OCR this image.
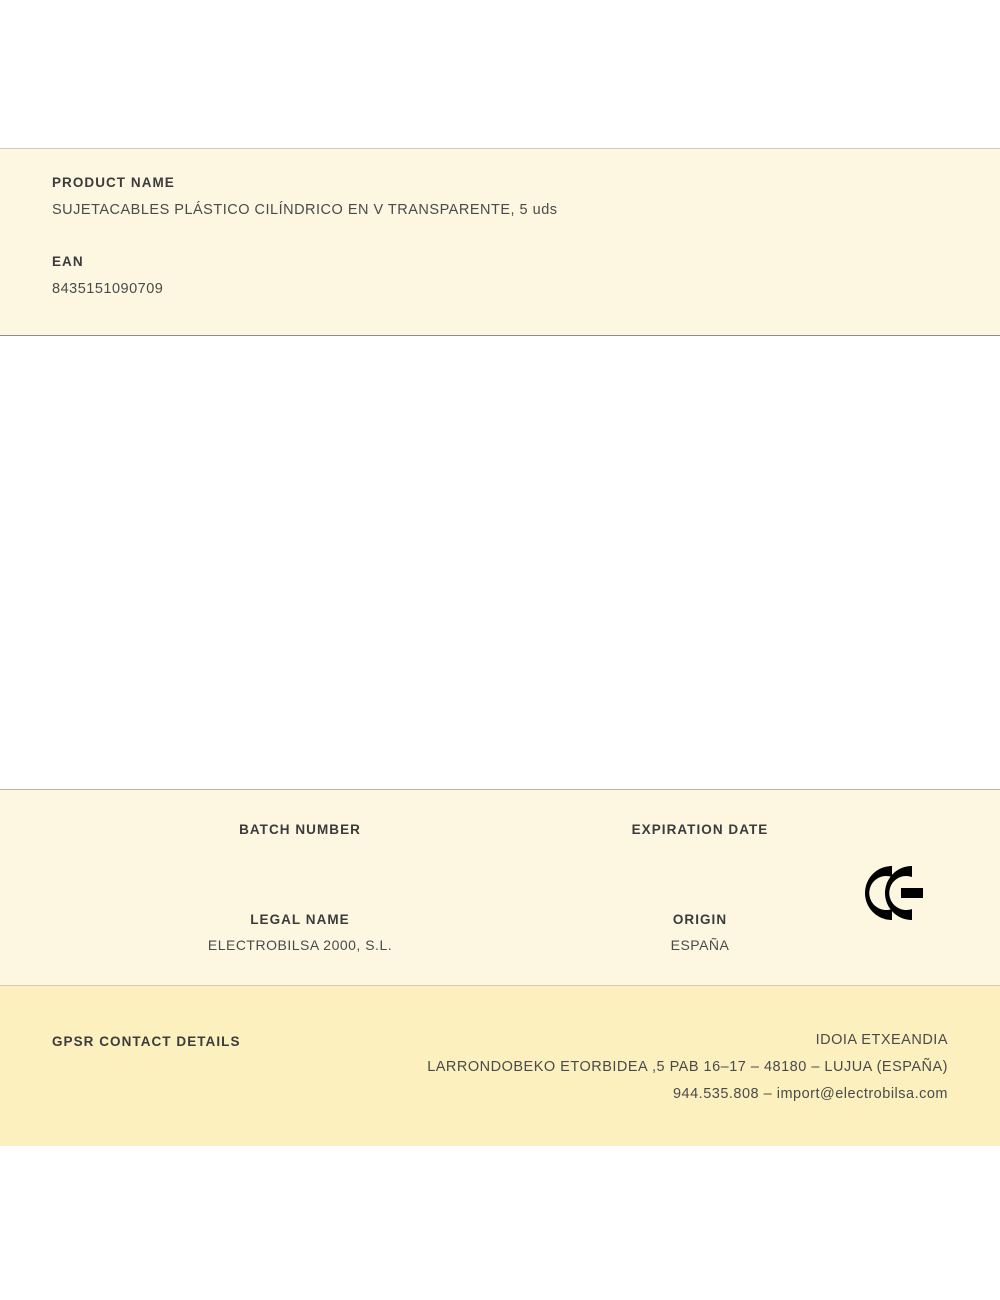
PRODUCT NAME

SUJETACABLES PLÁSTICO CILÍNDRICO EN V TRANSPARENTE, 5 uds

EAN

8435151090709

BATCH NUMBER	EXPIRATION DATE

LEGAL NAME

ELECTROBILSA 2000, S.L.

ORIGIN

ESPAÑA

GPSR CONTACT DETAILS	IDOIA ETXEANDIA

LARRONDOBEKO ETORBIDEA ,5 PAB 16–17 – 48180 – LUJUA (ESPAÑA)

944.535.808 – import@electrobilsa.com
